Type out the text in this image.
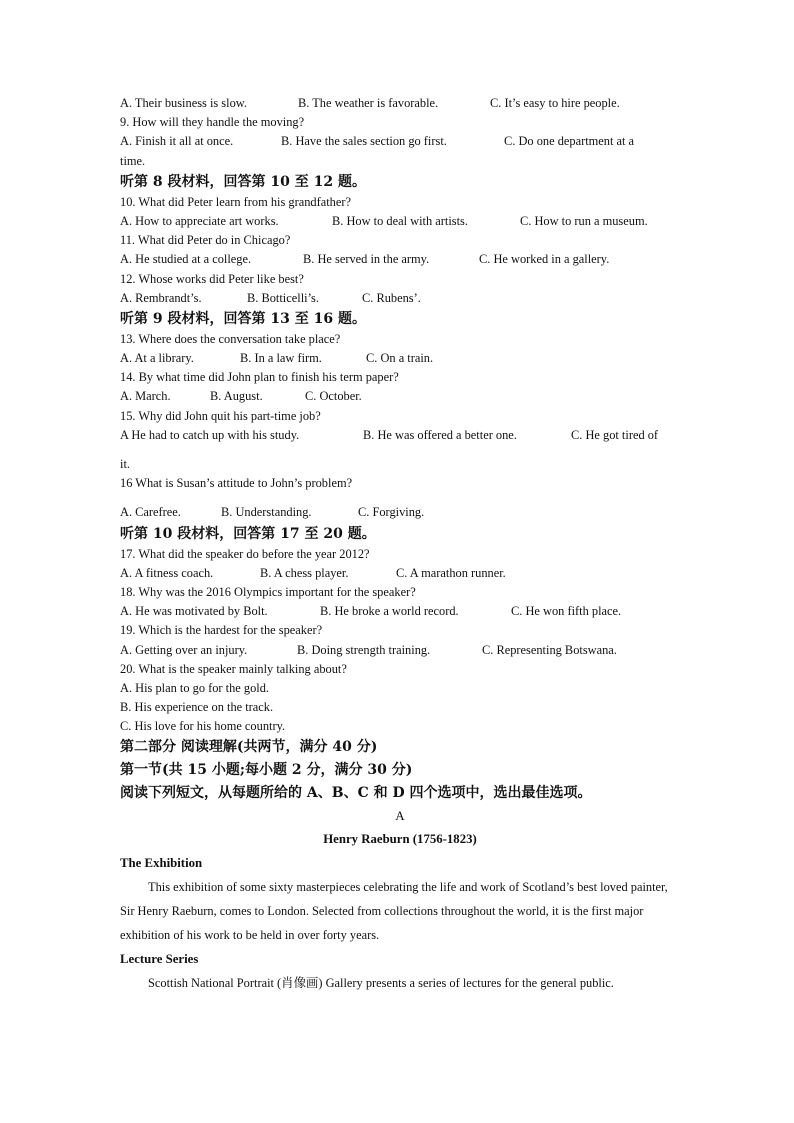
A. Their business is slow.	B. The weather is favorable.	C. It’s easy to hire people.
9. How will they handle the moving?
A. Finish it all at once.	B. Have the sales section go first.	C. Do one department at a
time.
听第 8 段材料，回答第 10 至 12 题。
10. What did Peter learn from his grandfather?
A. How to appreciate art works.	B. How to deal with artists.	C. How to run a museum.
11. What did Peter do in Chicago?
A. He studied at a college.	B. He served in the army.	C. He worked in a gallery.
12. Whose works did Peter like best?
A. Rembrandt’s.	B. Botticelli’s.	C. Rubens’.
听第 9 段材料，回答第 13 至 16 题。
13. Where does the conversation take place?
A. At a library.	B. In a law firm.	C. On a train.
14. By what time did John plan to finish his term paper?
A. March.	B. August.	C. October.
15. Why did John quit his part-time job?
A He had to catch up with his study.	B. He was offered a better one.	C. He got tired of
it.
16 What is Susan’s attitude to John’s problem?
A. Carefree.	B. Understanding.	C. Forgiving.
听第 10 段材料，回答第 17 至 20 题。
17. What did the speaker do before the year 2012?
A. A fitness coach.	B. A chess player.	C. A marathon runner.
18. Why was the 2016 Olympics important for the speaker?
A. He was motivated by Bolt.	B. He broke a world record.	C. He won fifth place.
19. Which is the hardest for the speaker?
A. Getting over an injury.	B. Doing strength training.	C. Representing Botswana.
20. What is the speaker mainly talking about?
A. His plan to go for the gold.
B. His experience on the track.
C. His love for his home country.
第二部分 阅读理解(共两节，满分 40 分)
第一节(共 15 小题;每小题 2 分，满分 30 分)
阅读下列短文，从每题所给的 A、B、C 和 D 四个选项中，选出最佳选项。
A
Henry Raeburn (1756-1823)
The Exhibition
This exhibition of some sixty masterpieces celebrating the life and work of Scotland’s best loved painter, Sir Henry Raeburn, comes to London. Selected from collections throughout the world, it is the first major exhibition of his work to be held in over forty years.
Lecture Series
Scottish National Portrait (肖像画) Gallery presents a series of lectures for the general public.
